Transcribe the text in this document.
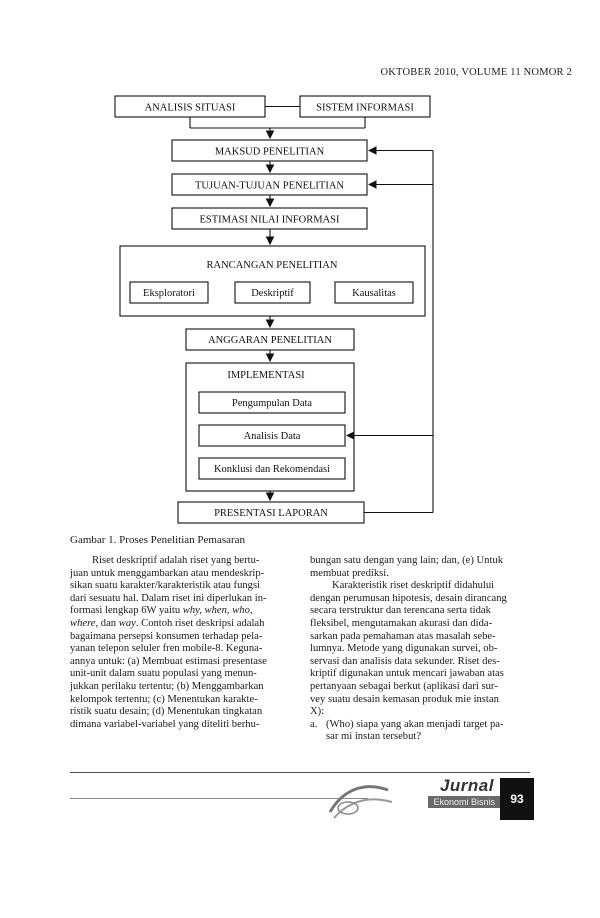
OKTOBER 2010, VOLUME 11 NOMOR 2
ANALISIS SITUASI	SISTEM INFORMASI
MAKSUD PENELITIAN
TUJUAN-TUJUAN PENELITIAN
ESTIMASI NILAI INFORMASI
RANCANGAN PENELITIAN
Eksploratori	Deskriptif	Kausalitas
ANGGARAN PENELITIAN
IMPLEMENTASI
Pengumpulan Data
Analisis Data
Konklusi dan Rekomendasi
PRESENTASI LAPORAN
Gambar 1. Proses Penelitian Pemasaran

Riset deskriptif adalah riset yang bertu-

juan untuk menggambarkan atau mendeskrip-

sikan suatu karakter/karakteristik atau fungsi

dari sesuatu hal. Dalam riset ini diperlukan in-

formasi lengkap 6W yaitu why, when, who,

where, dan way. Contoh riset deskripsi adalah

bagaimana persepsi konsumen terhadap pela-

yanan telepon seluler fren mobile-8. Keguna-

annya untuk: (a) Membuat estimasi presentase

unit-unit dalam suatu populasi yang menun-

jukkan perilaku tertentu; (b) Menggambarkan

kelompok tertentu; (c) Menentukan karakte-

ristik suatu desain; (d) Menentukan tingkatan

dimana variabel-variabel yang diteliti berhu-

bungan satu dengan yang lain; dan, (e) Untuk

membuat prediksi.

Karakteristik riset deskriptif didahului

dengan perumusan hipotesis, desain dirancang

secara terstruktur dan terencana serta tidak

fleksibel, mengutamakan akurasi dan dida-

sarkan pada pemahaman atas masalah sebe-

lumnya. Metode yang digunakan survei, ob-

servasi dan analisis data sekunder. Riset des-

kriptif digunakan untuk mencari jawaban atas

pertanyaan sebagai berkut (aplikasi dari sur-

vey suatu desain kemasan produk mie instan

X):

a. (Who) siapa yang akan menjadi target pa-

sar mi instan tersebut?

Jurnal
Ekonomi Bisnis	93
